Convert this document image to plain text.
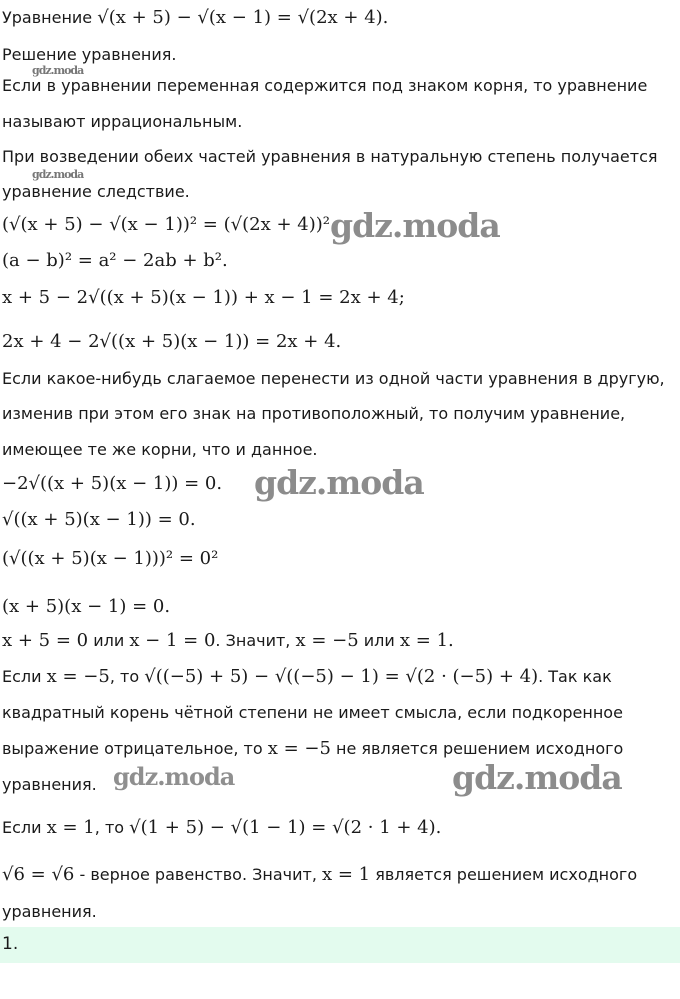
Уравнение √(x + 5) − √(x − 1) = √(2x + 4).
Решение уравнения.
Если в уравнении переменная содержится под знаком корня, то уравнение
называют иррациональным.
При возведении обеих частей уравнения в натуральную степень получается
уравнение следствие.
(√(x + 5) − √(x − 1))² = (√(2x + 4))².
(a − b)² = a² − 2ab + b².
x + 5 − 2√((x + 5)(x − 1)) + x − 1 = 2x + 4;
2x + 4 − 2√((x + 5)(x − 1)) = 2x + 4.
Если какое-нибудь слагаемое перенести из одной части уравнения в другую,
изменив при этом его знак на противоположный, то получим уравнение,
имеющее те же корни, что и данное.
−2√((x + 5)(x − 1)) = 0.
√((x + 5)(x − 1)) = 0.
(√((x + 5)(x − 1)))² = 0²
(x + 5)(x − 1) = 0.
x + 5 = 0 или x − 1 = 0. Значит, x = −5 или x = 1.
Если x = −5, то √((−5) + 5) − √((−5) − 1) = √(2 · (−5) + 4). Так как
квадратный корень чётной степени не имеет смысла, если подкоренное
выражение отрицательное, то x = −5 не является решением исходного
уравнения.
Если x = 1, то √(1 + 5) − √(1 − 1) = √(2 · 1 + 4).
√6 = √6 - верное равенство. Значит, x = 1 является решением исходного
уравнения.
gdz.moda
gdz.moda
gdz.moda
gdz.moda
gdz.moda	gdz.moda
1.
